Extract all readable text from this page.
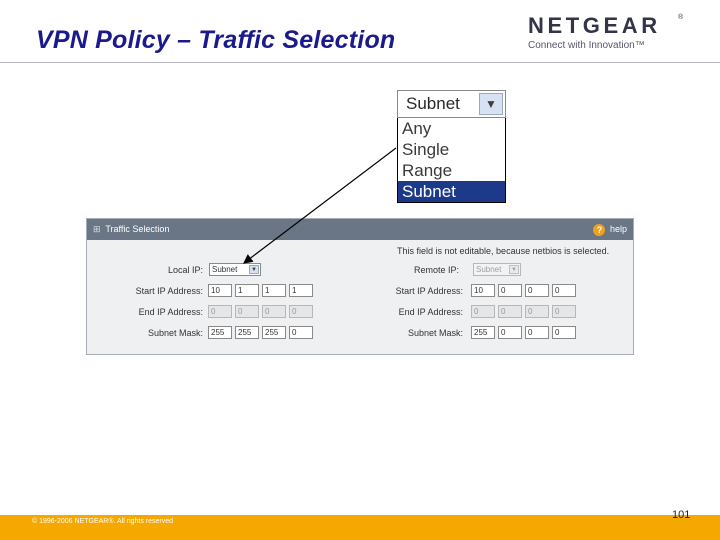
VPN Policy – Traffic Selection
NETGEAR	®
Connect with Innovation™
Subnet	▼
Any
Single
Range
Subnet
⊞ Traffic Selection	? help
This field is not editable, because netbios is selected.
Local IP:	Subnet	▼
Start IP Address:	10	1	1	1
End IP Address:	0	0	0	0
Subnet Mask:	255	255	255	0
Remote IP:	Subnet	▼
Start IP Address:	10	0	0	0
End IP Address:	0	0	0	0
Subnet Mask:	255	0	0	0
© 1996-2006 NETGEAR®. All rights reserved
101
